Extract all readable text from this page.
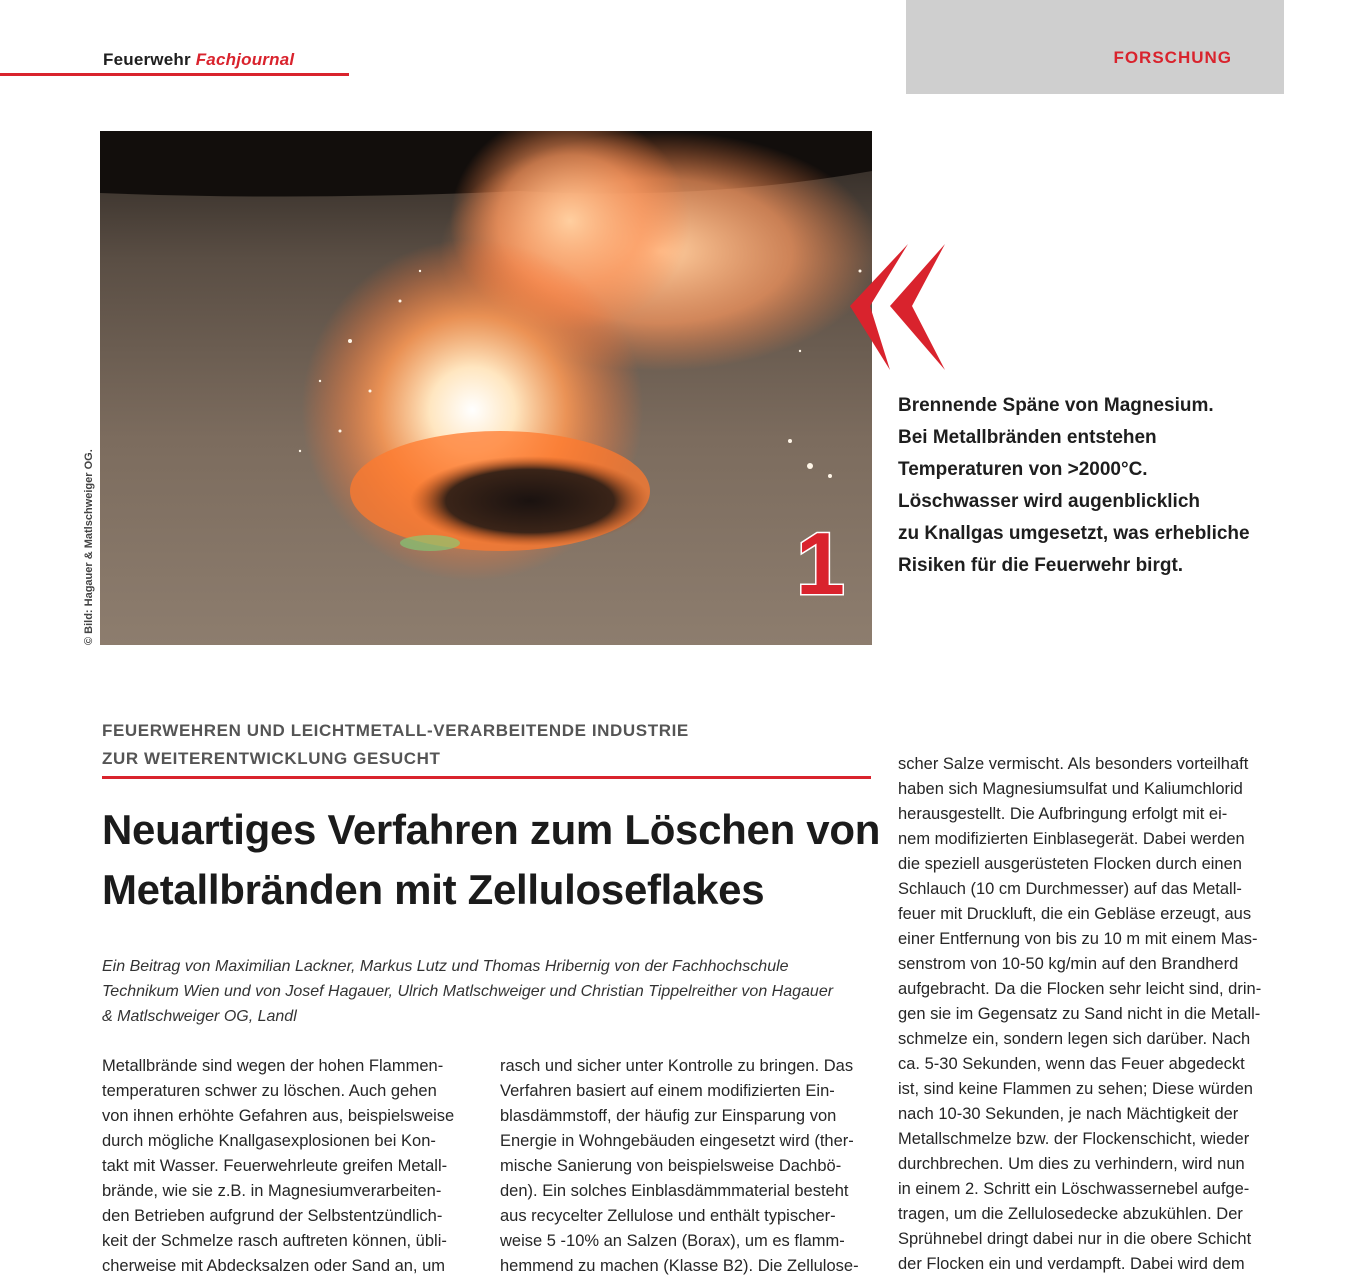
Feuerwehr Fachjournal	FORSCHUNG
1
© Bild: Hagauer & Matlschweiger OG.
Brennende Späne von Magnesium.
Bei Metallbränden entstehen
Temperaturen von >2000°C.
Löschwasser wird augenblicklich
zu Knallgas umgesetzt, was erhebliche
Risiken für die Feuerwehr birgt.
FEUERWEHREN UND LEICHTMETALL-VERARBEITENDE INDUSTRIE
ZUR WEITERENTWICKLUNG GESUCHT
Neuartiges Verfahren zum Löschen von
Metallbränden mit Zelluloseflakes
Ein Beitrag von Maximilian Lackner, Markus Lutz und Thomas Hribernig von der Fachhochschule
Technikum Wien und von Josef Hagauer, Ulrich Matlschweiger und Christian Tippelreither von Hagauer
& Matlschweiger OG, Landl
Metallbrände sind wegen der hohen Flammen-
temperaturen schwer zu löschen. Auch gehen
von ihnen erhöhte Gefahren aus, beispielsweise
durch mögliche Knallgasexplosionen bei Kon-
takt mit Wasser. Feuerwehrleute greifen Metall-
brände, wie sie z.B. in Magnesiumverarbeiten-
den Betrieben aufgrund der Selbstentzündlich-
keit der Schmelze rasch auftreten können, übli-
cherweise mit Abdecksalzen oder Sand an, um
rasch und sicher unter Kontrolle zu bringen. Das
Verfahren basiert auf einem modifizierten Ein-
blasdämmstoff, der häufig zur Einsparung von
Energie in Wohngebäuden eingesetzt wird (ther-
mische Sanierung von beispielsweise Dachbö-
den). Ein solches Einblasdämmmaterial besteht
aus recycelter Zellulose und enthält typischer-
weise 5 -10% an Salzen (Borax), um es flamm-
hemmend zu machen (Klasse B2). Die Zellulose-
scher Salze vermischt. Als besonders vorteilhaft
haben sich Magnesiumsulfat und Kaliumchlorid
herausgestellt. Die Aufbringung erfolgt mit ei-
nem modifizierten Einblasegerät. Dabei werden
die speziell ausgerüsteten Flocken durch einen
Schlauch (10 cm Durchmesser) auf das Metall-
feuer mit Druckluft, die ein Gebläse erzeugt, aus
einer Entfernung von bis zu 10 m mit einem Mas-
senstrom von 10-50 kg/min auf den Brandherd
aufgebracht. Da die Flocken sehr leicht sind, drin-
gen sie im Gegensatz zu Sand nicht in die Metall-
schmelze ein, sondern legen sich darüber. Nach
ca. 5-30 Sekunden, wenn das Feuer abgedeckt
ist, sind keine Flammen zu sehen; Diese würden
nach 10-30 Sekunden, je nach Mächtigkeit der
Metallschmelze bzw. der Flockenschicht, wieder
durchbrechen. Um dies zu verhindern, wird nun
in einem 2. Schritt ein Löschwassernebel aufge-
tragen, um die Zellulosedecke abzukühlen. Der
Sprühnebel dringt dabei nur in die obere Schicht
der Flocken ein und verdampft. Dabei wird dem
